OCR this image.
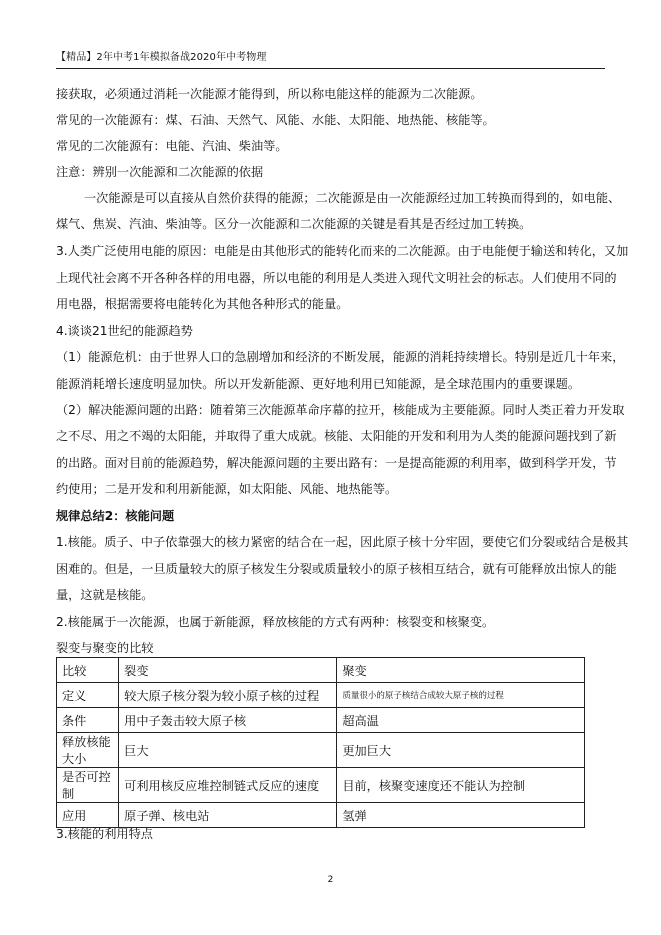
【精品】2年中考1年模拟备战2020年中考物理
接获取，必须通过消耗一次能源才能得到，所以称电能这样的能源为二次能源。
常见的一次能源有：煤、石油、天然气、风能、水能、太阳能、地热能、核能等。
常见的二次能源有：电能、汽油、柴油等。
注意：辨别一次能源和二次能源的依据
一次能源是可以直接从自然价获得的能源；二次能源是由一次能源经过加工转换而得到的，如电能、
煤气、焦炭、汽油、柴油等。区分一次能源和二次能源的关键是看其是否经过加工转换。
3.人类广泛使用电能的原因：电能是由其他形式的能转化而来的二次能源。由于电能便于输送和转化，又加
上现代社会离不开各种各样的用电器，所以电能的利用是人类进入现代文明社会的标志。人们使用不同的
用电器，根据需要将电能转化为其他各种形式的能量。
4.谈谈21世纪的能源趋势
（1）能源危机：由于世界人口的急剧增加和经济的不断发展，能源的消耗持续增长。特别是近几十年来，
能源消耗增长速度明显加快。所以开发新能源、更好地利用已知能源，是全球范围内的重要课题。
（2）解决能源问题的出路：随着第三次能源革命序幕的拉开，核能成为主要能源。同时人类正着力开发取
之不尽、用之不竭的太阳能，并取得了重大成就。核能、太阳能的开发和利用为人类的能源问题找到了新
的出路。面对目前的能源趋势，解决能源问题的主要出路有：一是提高能源的利用率，做到科学开发，节
约使用；二是开发和利用新能源，如太阳能、风能、地热能等。
规律总结2：核能问题
1.核能。质子、中子依靠强大的核力紧密的结合在一起，因此原子核十分牢固，要使它们分裂或结合是极其
困难的。但是，一旦质量较大的原子核发生分裂或质量较小的原子核相互结合，就有可能释放出惊人的能
量，这就是核能。
2.核能属于一次能源，也属于新能源，释放核能的方式有两种：核裂变和核聚变。
裂变与聚变的比较
比较	裂变	聚变
定义	较大原子核分裂为较小原子核的过程	质量很小的原子核结合成较大原子核的过程
条件	用中子轰击较大原子核	超高温
释放核能大小	巨大	更加巨大
是否可控制	可利用核反应堆控制链式反应的速度	目前，核聚变速度还不能认为控制
应用	原子弹、核电站	氢弹
3.核能的利用特点
2
